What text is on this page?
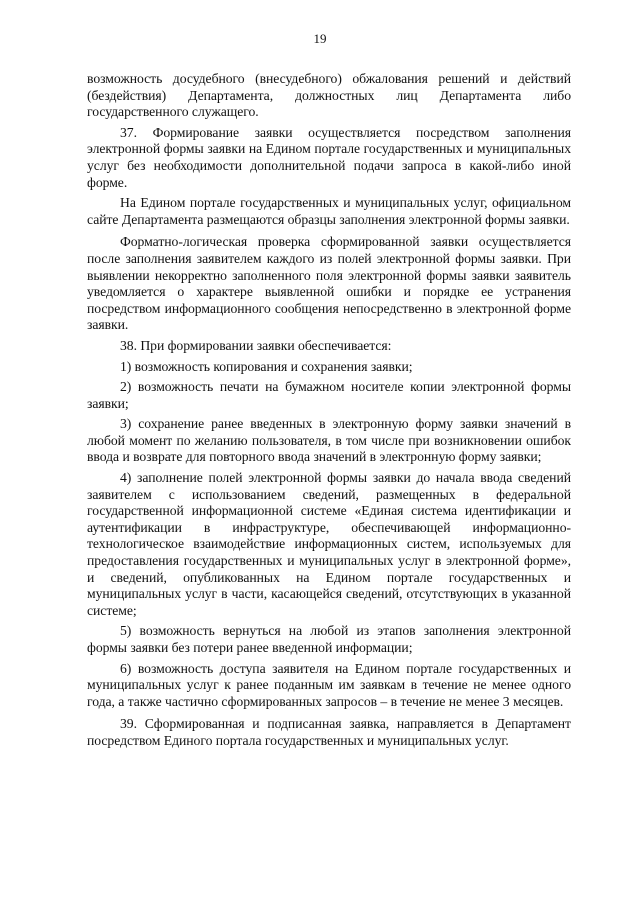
19

возможность досудебного (внесудебного) обжалования решений и действий (бездействия) Департамента, должностных лиц Департамента либо государственного служащего.

37. Формирование заявки осуществляется посредством заполнения электронной формы заявки на Едином портале государственных и муниципальных услуг без необходимости дополнительной подачи запроса в какой-либо иной форме.

На Едином портале государственных и муниципальных услуг, официальном сайте Департамента размещаются образцы заполнения электронной формы заявки.

Форматно-логическая проверка сформированной заявки осуществляется после заполнения заявителем каждого из полей электронной формы заявки. При выявлении некорректно заполненного поля электронной формы заявки заявитель уведомляется о характере выявленной ошибки и порядке ее устранения посредством информационного сообщения непосредственно в электронной форме заявки.

38. При формировании заявки обеспечивается:

1) возможность копирования и сохранения заявки;

2) возможность печати на бумажном носителе копии электронной формы заявки;

3) сохранение ранее введенных в электронную форму заявки значений в любой момент по желанию пользователя, в том числе при возникновении ошибок ввода и возврате для повторного ввода значений в электронную форму заявки;

4) заполнение полей электронной формы заявки до начала ввода сведений заявителем с использованием сведений, размещенных в федеральной государственной информационной системе «Единая система идентификации и аутентификации в инфраструктуре, обеспечивающей информационно-технологическое взаимодействие информационных систем, используемых для предоставления государственных и муниципальных услуг в электронной форме», и сведений, опубликованных на Едином портале государственных и муниципальных услуг в части, касающейся сведений, отсутствующих в указанной системе;

5) возможность вернуться на любой из этапов заполнения электронной формы заявки без потери ранее введенной информации;

6) возможность доступа заявителя на Едином портале государственных и муниципальных услуг к ранее поданным им заявкам в течение не менее одного года, а также частично сформированных запросов – в течение не менее 3 месяцев.

39. Сформированная и подписанная заявка, направляется в Департамент посредством Единого портала государственных и муниципальных услуг.
